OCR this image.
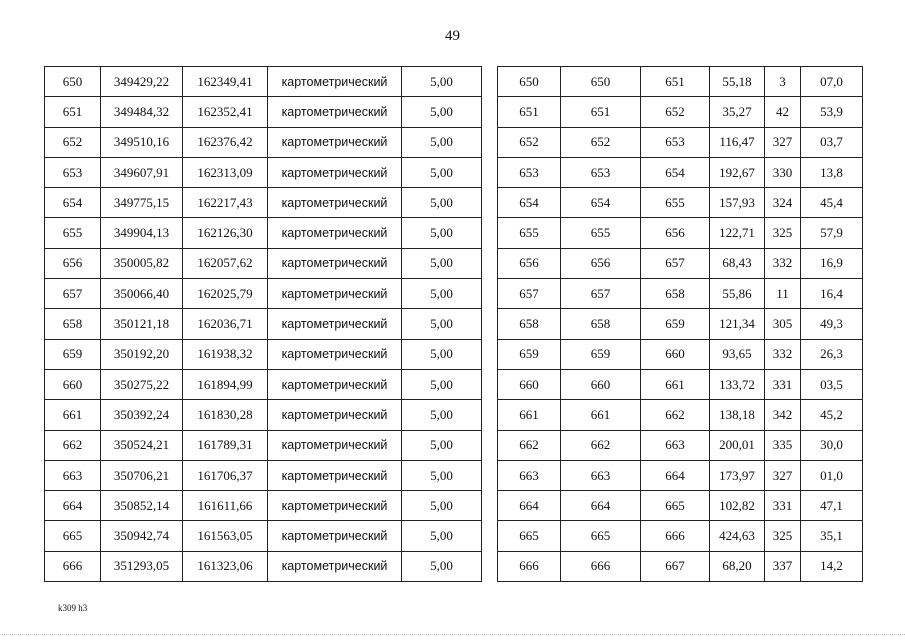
49
650	349429,22	162349,41	картометрический	5,00
651	349484,32	162352,41	картометрический	5,00
652	349510,16	162376,42	картометрический	5,00
653	349607,91	162313,09	картометрический	5,00
654	349775,15	162217,43	картометрический	5,00
655	349904,13	162126,30	картометрический	5,00
656	350005,82	162057,62	картометрический	5,00
657	350066,40	162025,79	картометрический	5,00
658	350121,18	162036,71	картометрический	5,00
659	350192,20	161938,32	картометрический	5,00
660	350275,22	161894,99	картометрический	5,00
661	350392,24	161830,28	картометрический	5,00
662	350524,21	161789,31	картометрический	5,00
663	350706,21	161706,37	картометрический	5,00
664	350852,14	161611,66	картометрический	5,00
665	350942,74	161563,05	картометрический	5,00
666	351293,05	161323,06	картометрический	5,00
650	650	651	55,18	3	07,0
651	651	652	35,27	42	53,9
652	652	653	116,47	327	03,7
653	653	654	192,67	330	13,8
654	654	655	157,93	324	45,4
655	655	656	122,71	325	57,9
656	656	657	68,43	332	16,9
657	657	658	55,86	11	16,4
658	658	659	121,34	305	49,3
659	659	660	93,65	332	26,3
660	660	661	133,72	331	03,5
661	661	662	138,18	342	45,2
662	662	663	200,01	335	30,0
663	663	664	173,97	327	01,0
664	664	665	102,82	331	47,1
665	665	666	424,63	325	35,1
666	666	667	68,20	337	14,2
k309 h3
